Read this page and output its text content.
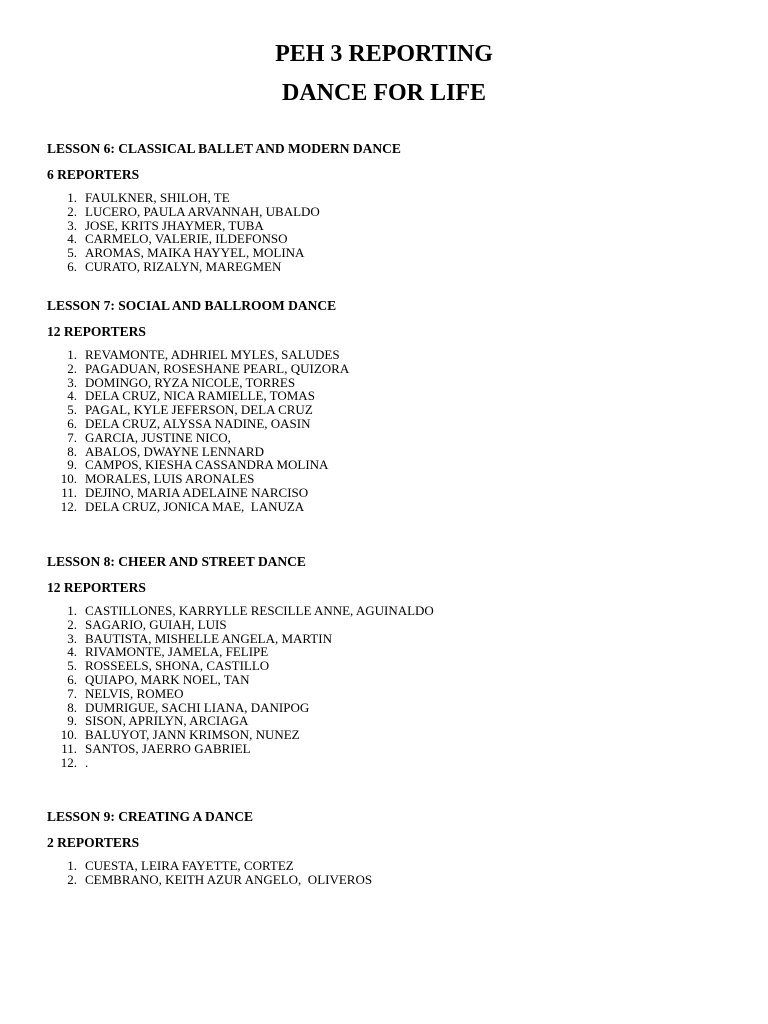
PEH 3 REPORTING
DANCE FOR LIFE

LESSON 6: CLASSICAL BALLET AND MODERN DANCE

6 REPORTERS

1. FAULKNER, SHILOH, TE
2. LUCERO, PAULA ARVANNAH, UBALDO
3. JOSE, KRITS JHAYMER, TUBA
4. CARMELO, VALERIE, ILDEFONSO
5. AROMAS, MAIKA HAYYEL, MOLINA
6. CURATO, RIZALYN, MAREGMEN

LESSON 7: SOCIAL AND BALLROOM DANCE

12 REPORTERS

1. REVAMONTE, ADHRIEL MYLES, SALUDES
2. PAGADUAN, ROSESHANE PEARL, QUIZORA
3. DOMINGO, RYZA NICOLE, TORRES
4. DELA CRUZ, NICA RAMIELLE, TOMAS
5. PAGAL, KYLE JEFERSON, DELA CRUZ
6. DELA CRUZ, ALYSSA NADINE, OASIN
7. GARCIA, JUSTINE NICO,
8. ABALOS, DWAYNE LENNARD
9. CAMPOS, KIESHA CASSANDRA MOLINA
10. MORALES, LUIS ARONALES
11. DEJINO, MARIA ADELAINE NARCISO
12. DELA CRUZ, JONICA MAE,  LANUZA

LESSON 8: CHEER AND STREET DANCE

12 REPORTERS

1. CASTILLONES, KARRYLLE RESCILLE ANNE, AGUINALDO
2. SAGARIO, GUIAH, LUIS
3. BAUTISTA, MISHELLE ANGELA, MARTIN
4. RIVAMONTE, JAMELA, FELIPE
5. ROSSEELS, SHONA, CASTILLO
6. QUIAPO, MARK NOEL, TAN
7. NELVIS, ROMEO
8. DUMRIGUE, SACHI LIANA, DANIPOG
9. SISON, APRILYN, ARCIAGA
10. BALUYOT, JANN KRIMSON, NUNEZ
11. SANTOS, JAERRO GABRIEL
12. .

LESSON 9: CREATING A DANCE

2 REPORTERS

1. CUESTA, LEIRA FAYETTE, CORTEZ
2. CEMBRANO, KEITH AZUR ANGELO,  OLIVEROS
